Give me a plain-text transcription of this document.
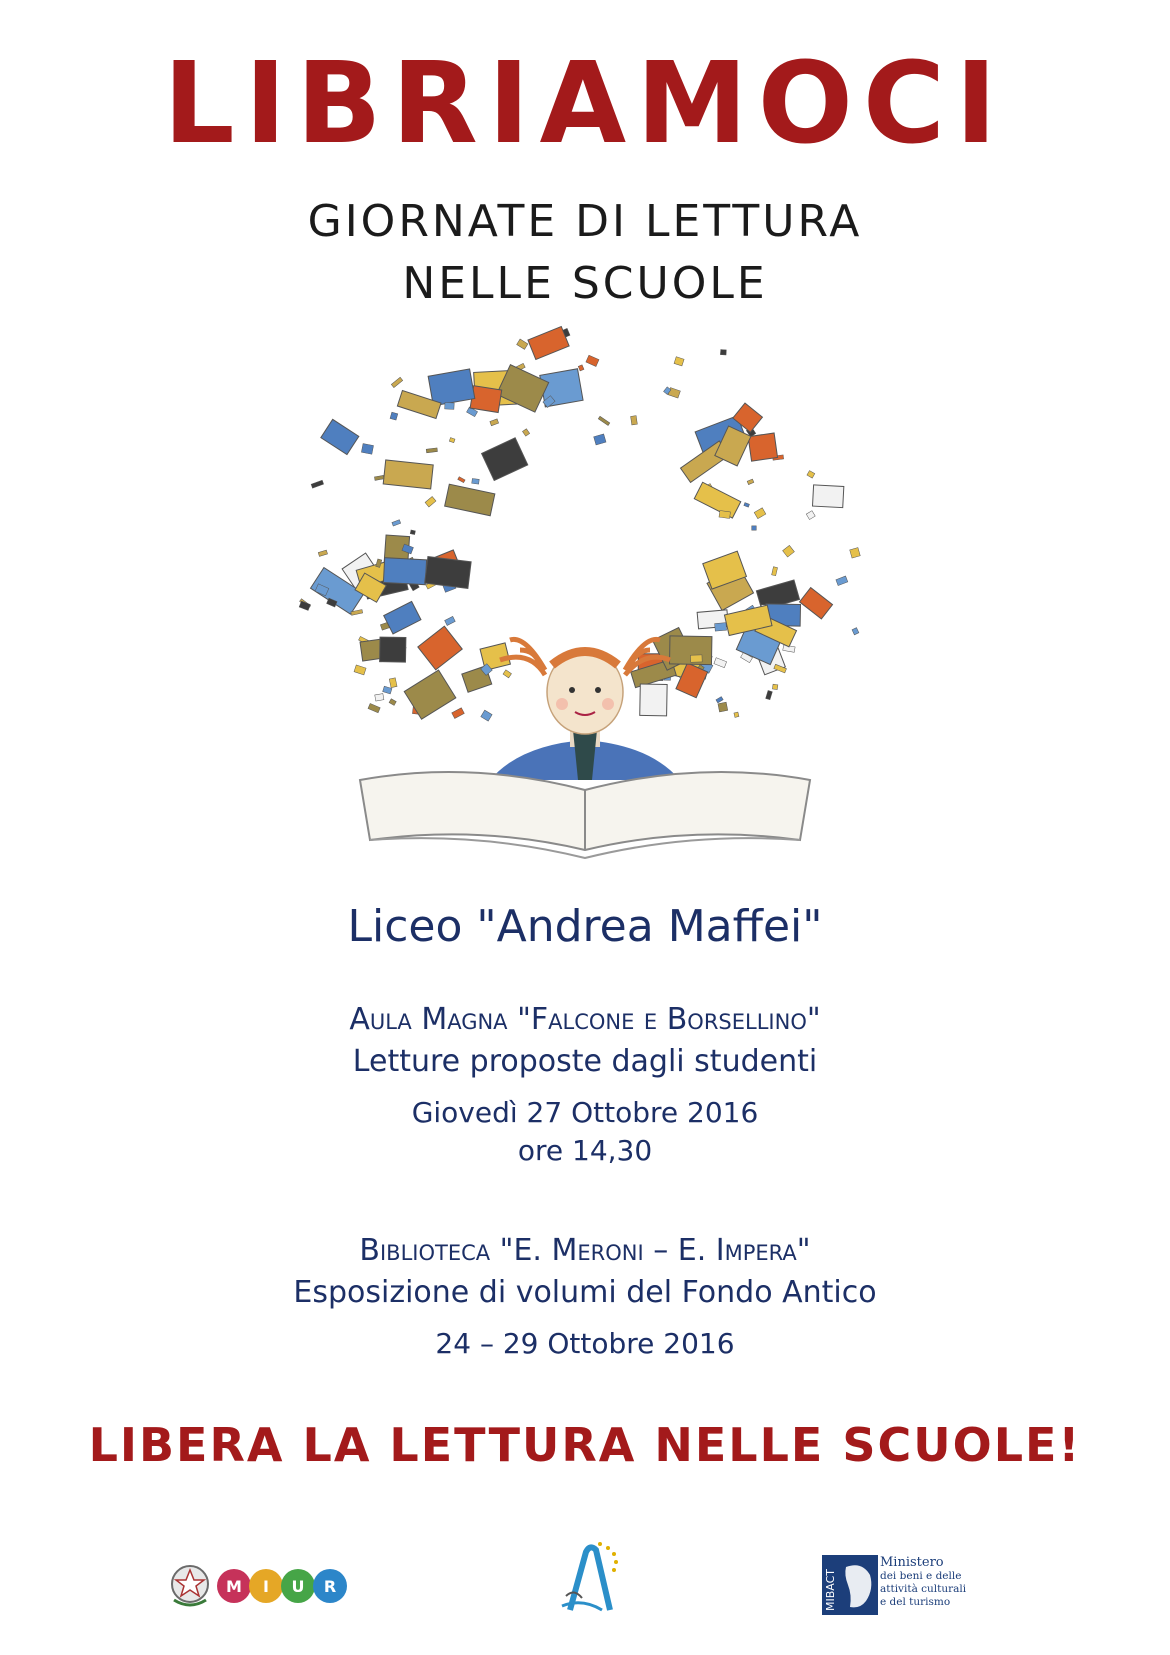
LIBRIAMOCI
GIORNATE DI LETTURA
NELLE SCUOLE
Liceo "Andrea Maffei"
Aula Magna "Falcone e Borsellino"
Letture proposte dagli studenti
Giovedì 27 Ottobre 2016
ore 14,30
Biblioteca "E. Meroni – E. Impera"
Esposizione di volumi del Fondo Antico
24 – 29 Ottobre 2016
LIBERA LA LETTURA NELLE SCUOLE!
M I U R	MIBACT
Ministero
dei beni e delle
attività culturali
e del turismo
